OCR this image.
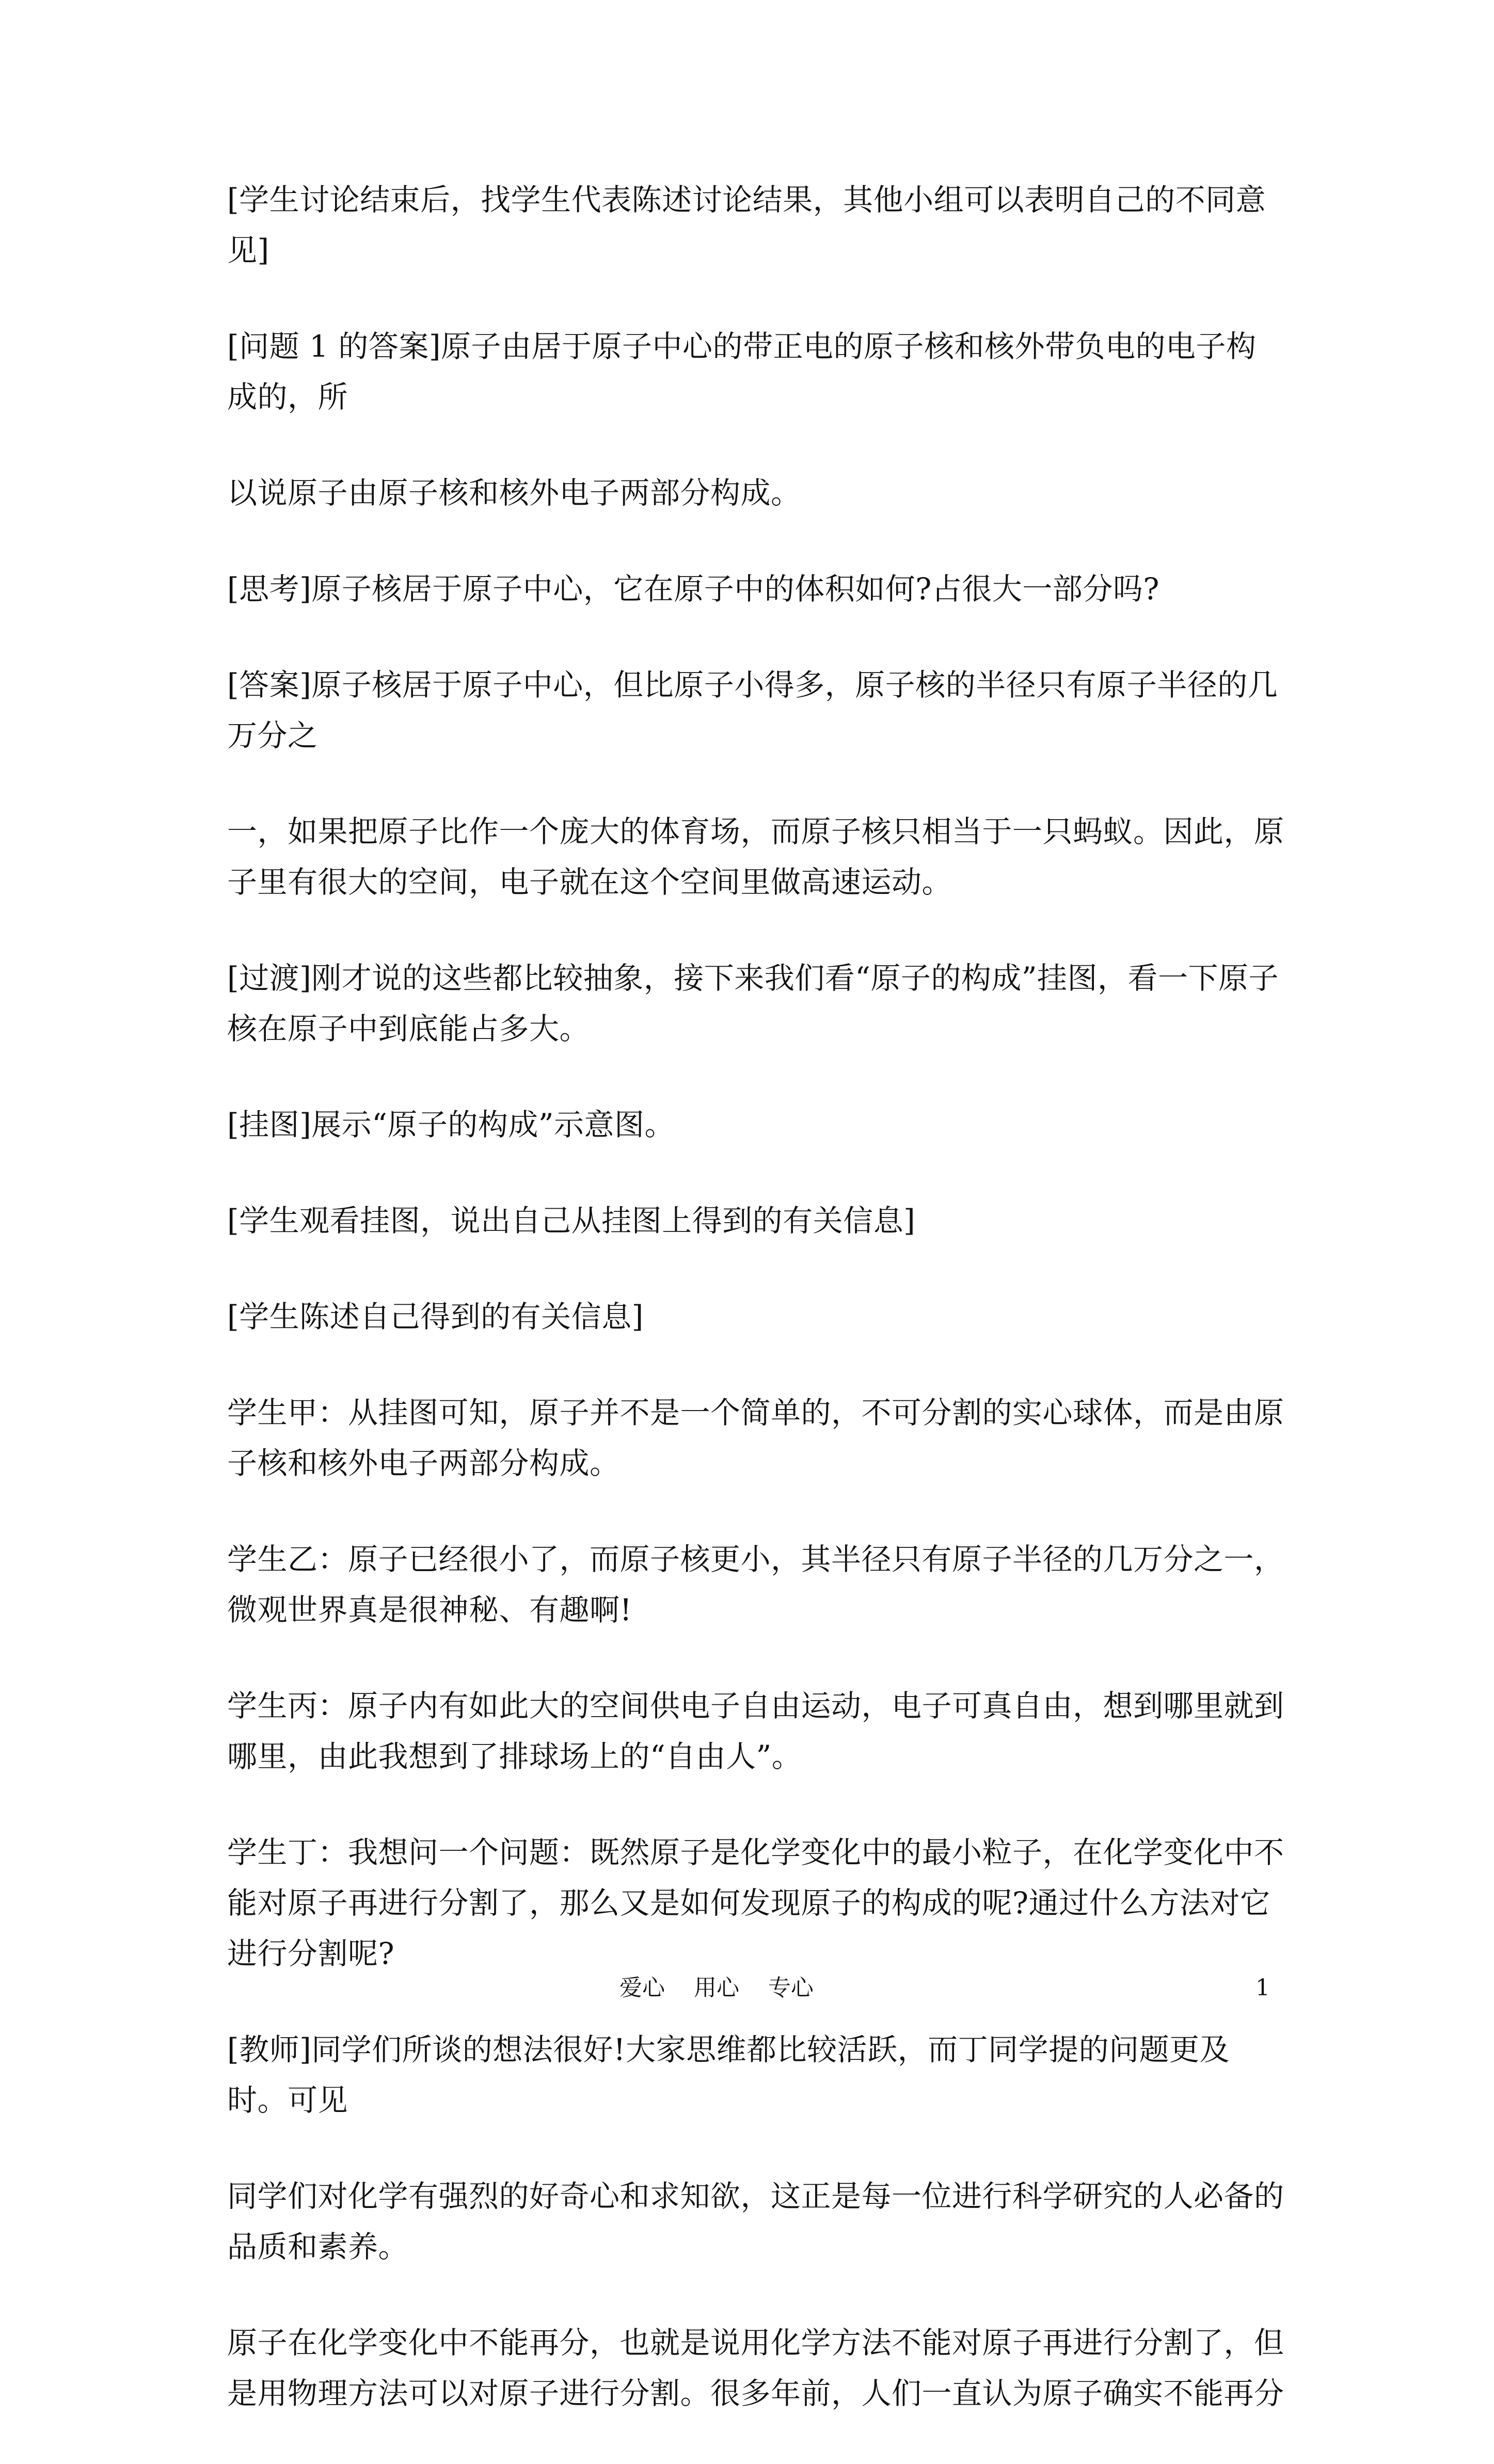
[学生讨论结束后，找学生代表陈述讨论结果，其他小组可以表明自己的不同意见]

[问题 1 的答案]原子由居于原子中心的带正电的原子核和核外带负电的电子构成的，所

以说原子由原子核和核外电子两部分构成。

[思考]原子核居于原子中心，它在原子中的体积如何?占很大一部分吗?

[答案]原子核居于原子中心，但比原子小得多，原子核的半径只有原子半径的几万分之

一，如果把原子比作一个庞大的体育场，而原子核只相当于一只蚂蚁。因此，原子里有很大的空间，电子就在这个空间里做高速运动。

[过渡]刚才说的这些都比较抽象，接下来我们看“原子的构成”挂图，看一下原子核在原子中到底能占多大。

[挂图]展示“原子的构成”示意图。

[学生观看挂图，说出自己从挂图上得到的有关信息]

[学生陈述自己得到的有关信息]

学生甲：从挂图可知，原子并不是一个简单的，不可分割的实心球体，而是由原子核和核外电子两部分构成。

学生乙：原子已经很小了，而原子核更小，其半径只有原子半径的几万分之一，微观世界真是很神秘、有趣啊!

学生丙：原子内有如此大的空间供电子自由运动，电子可真自由，想到哪里就到哪里，由此我想到了排球场上的“自由人”。

学生丁：我想问一个问题：既然原子是化学变化中的最小粒子，在化学变化中不能对原子再进行分割了，那么又是如何发现原子的构成的呢?通过什么方法对它进行分割呢?

[教师]同学们所谈的想法很好!大家思维都比较活跃，而丁同学提的问题更及时。可见

同学们对化学有强烈的好奇心和求知欲，这正是每一位进行科学研究的人必备的品质和素养。

原子在化学变化中不能再分，也就是说用化学方法不能对原子再进行分割了，但是用物理方法可以对原子进行分割。很多年前，人们一直认为原子确实不能再分

爱心    用心    专心	1
